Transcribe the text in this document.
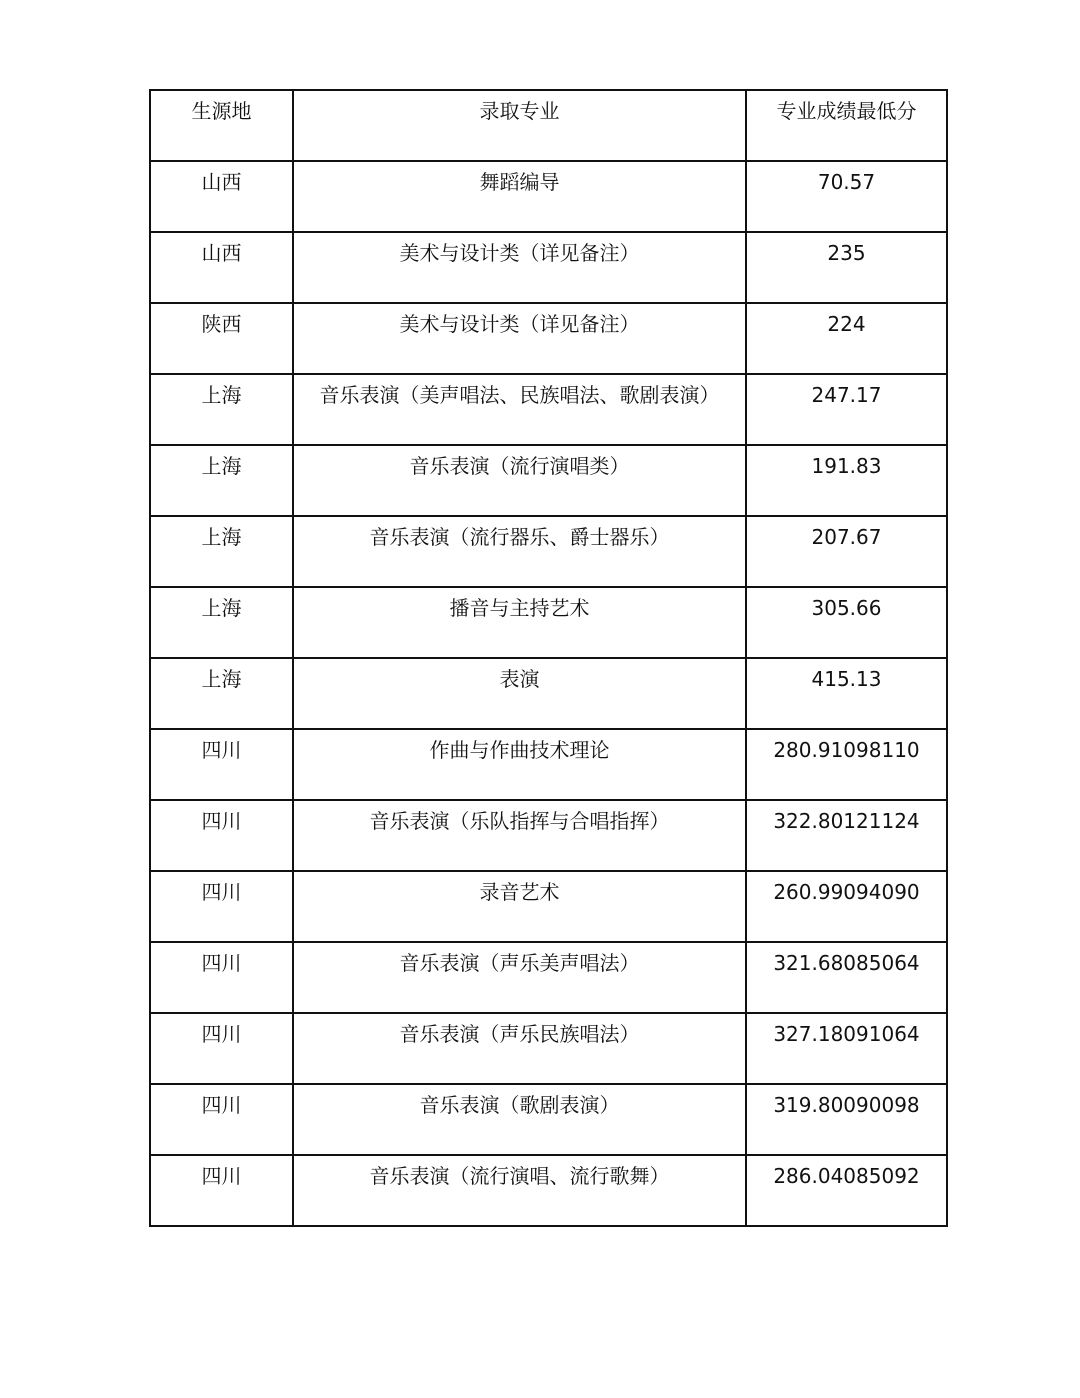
生源地	录取专业	专业成绩最低分
山西	舞蹈编导	70.57
山西	美术与设计类（详见备注）	235
陕西	美术与设计类（详见备注）	224
上海	音乐表演（美声唱法、民族唱法、歌剧表演）	247.17
上海	音乐表演（流行演唱类）	191.83
上海	音乐表演（流行器乐、爵士器乐）	207.67
上海	播音与主持艺术	305.66
上海	表演	415.13
四川	作曲与作曲技术理论	280.91098110
四川	音乐表演（乐队指挥与合唱指挥）	322.80121124
四川	录音艺术	260.99094090
四川	音乐表演（声乐美声唱法）	321.68085064
四川	音乐表演（声乐民族唱法）	327.18091064
四川	音乐表演（歌剧表演）	319.80090098
四川	音乐表演（流行演唱、流行歌舞）	286.04085092
